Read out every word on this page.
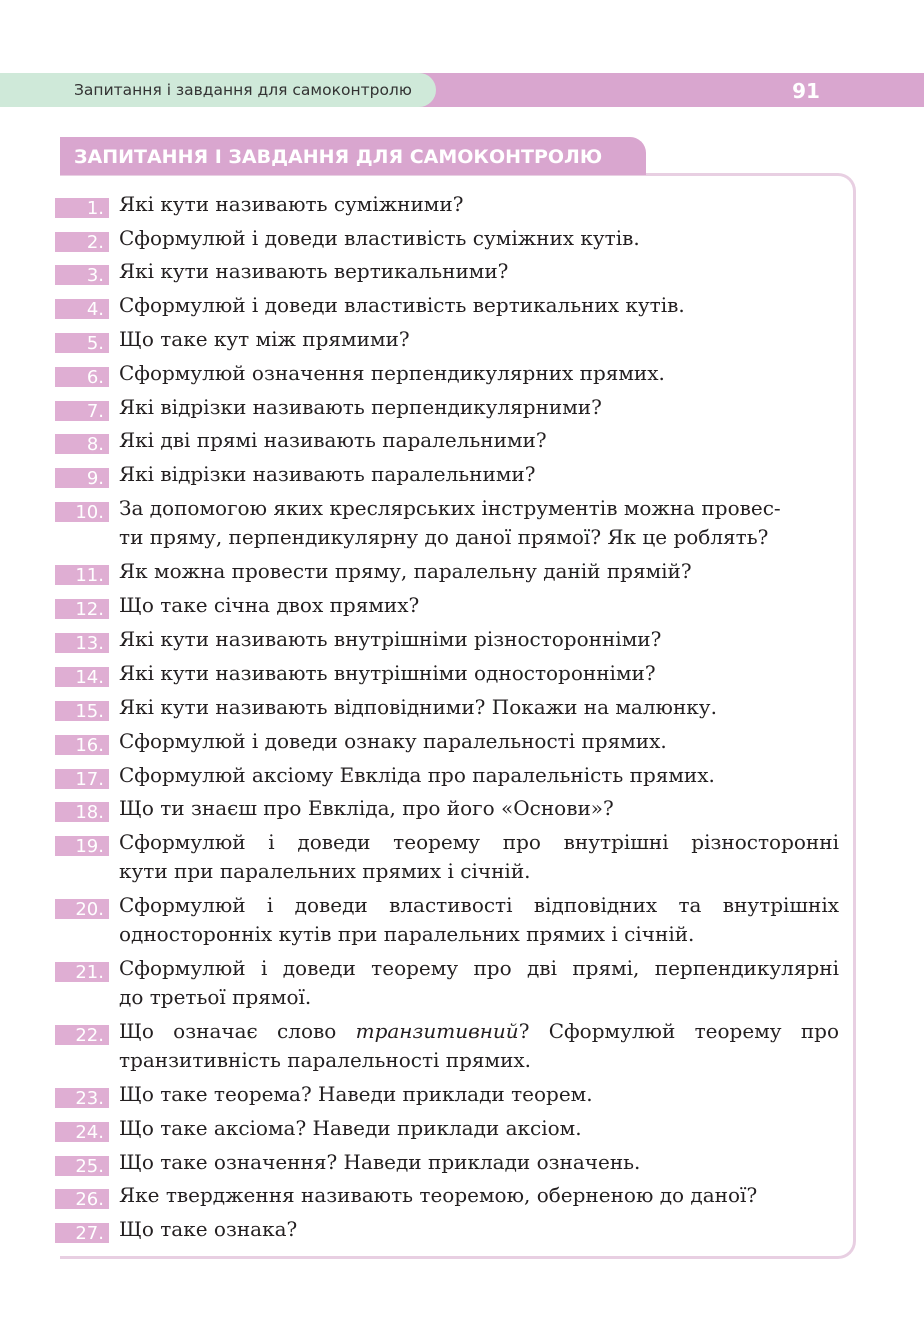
Запитання і завдання для самоконтролю	91
ЗАПИТАННЯ І ЗАВДАННЯ ДЛЯ САМОКОНТРОЛЮ
1. Які кути називають суміжними?
2. Сформулюй і доведи властивість суміжних кутів.
3. Які кути називають вертикальними?
4. Сформулюй і доведи властивість вертикальних кутів.
5. Що таке кут між прямими?
6. Сформулюй означення перпендикулярних прямих.
7. Які відрізки називають перпендикулярними?
8. Які дві прямі називають паралельними?
9. Які відрізки називають паралельними?
10. За допомогою яких креслярських інструментів можна провес-
ти пряму, перпендикулярну до даної прямої? Як це роблять?
11. Як можна провести пряму, паралельну даній прямій?
12. Що таке січна двох прямих?
13. Які кути називають внутрішніми різносторонніми?
14. Які кути називають внутрішніми односторонніми?
15. Які кути називають відповідними? Покажи на малюнку.
16. Сформулюй і доведи ознаку паралельності прямих.
17. Сформулюй аксіому Евкліда про паралельність прямих.
18. Що ти знаєш про Евкліда, про його «Основи»?
19. Сформулюй і доведи теорему про внутрішні різносторонні
кути при паралельних прямих і січній.
20. Сформулюй і доведи властивості відповідних та внутрішніх
односторонніх кутів при паралельних прямих і січній.
21. Сформулюй і доведи теорему про дві прямі, перпендикулярні
до третьої прямої.
22. Що означає слово транзитивний? Сформулюй теорему про
транзитивність паралельності прямих.
23. Що таке теорема? Наведи приклади теорем.
24. Що таке аксіома? Наведи приклади аксіом.
25. Що таке означення? Наведи приклади означень.
26. Яке твердження називають теоремою, оберненою до даної?
27. Що таке ознака?
